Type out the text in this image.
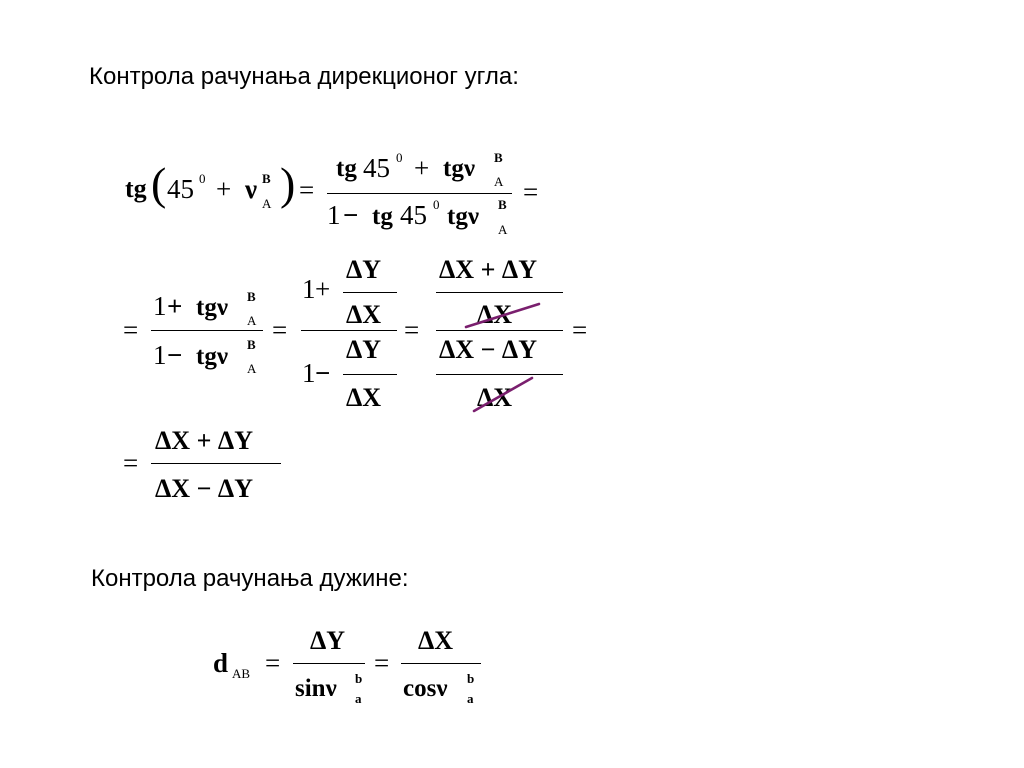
Контрола рачунања дирекционог угла:
Контрола рачунања дужине:
tg ( 45 0 + ν B
A ) =
tg 45 0 + tgν B
A
1 − tg 45 0 tgν B
A
=
=
1 + tgν B
A
1 − tgν B
A
=
1 +
ΔY
ΔX
1 −
ΔY
ΔX
=
ΔX + ΔY
ΔX
ΔX − ΔY
ΔX
=
=
ΔX + ΔY
ΔX − ΔY
d AB =
ΔY
sinν b
a
=
ΔX
cosν b
a
